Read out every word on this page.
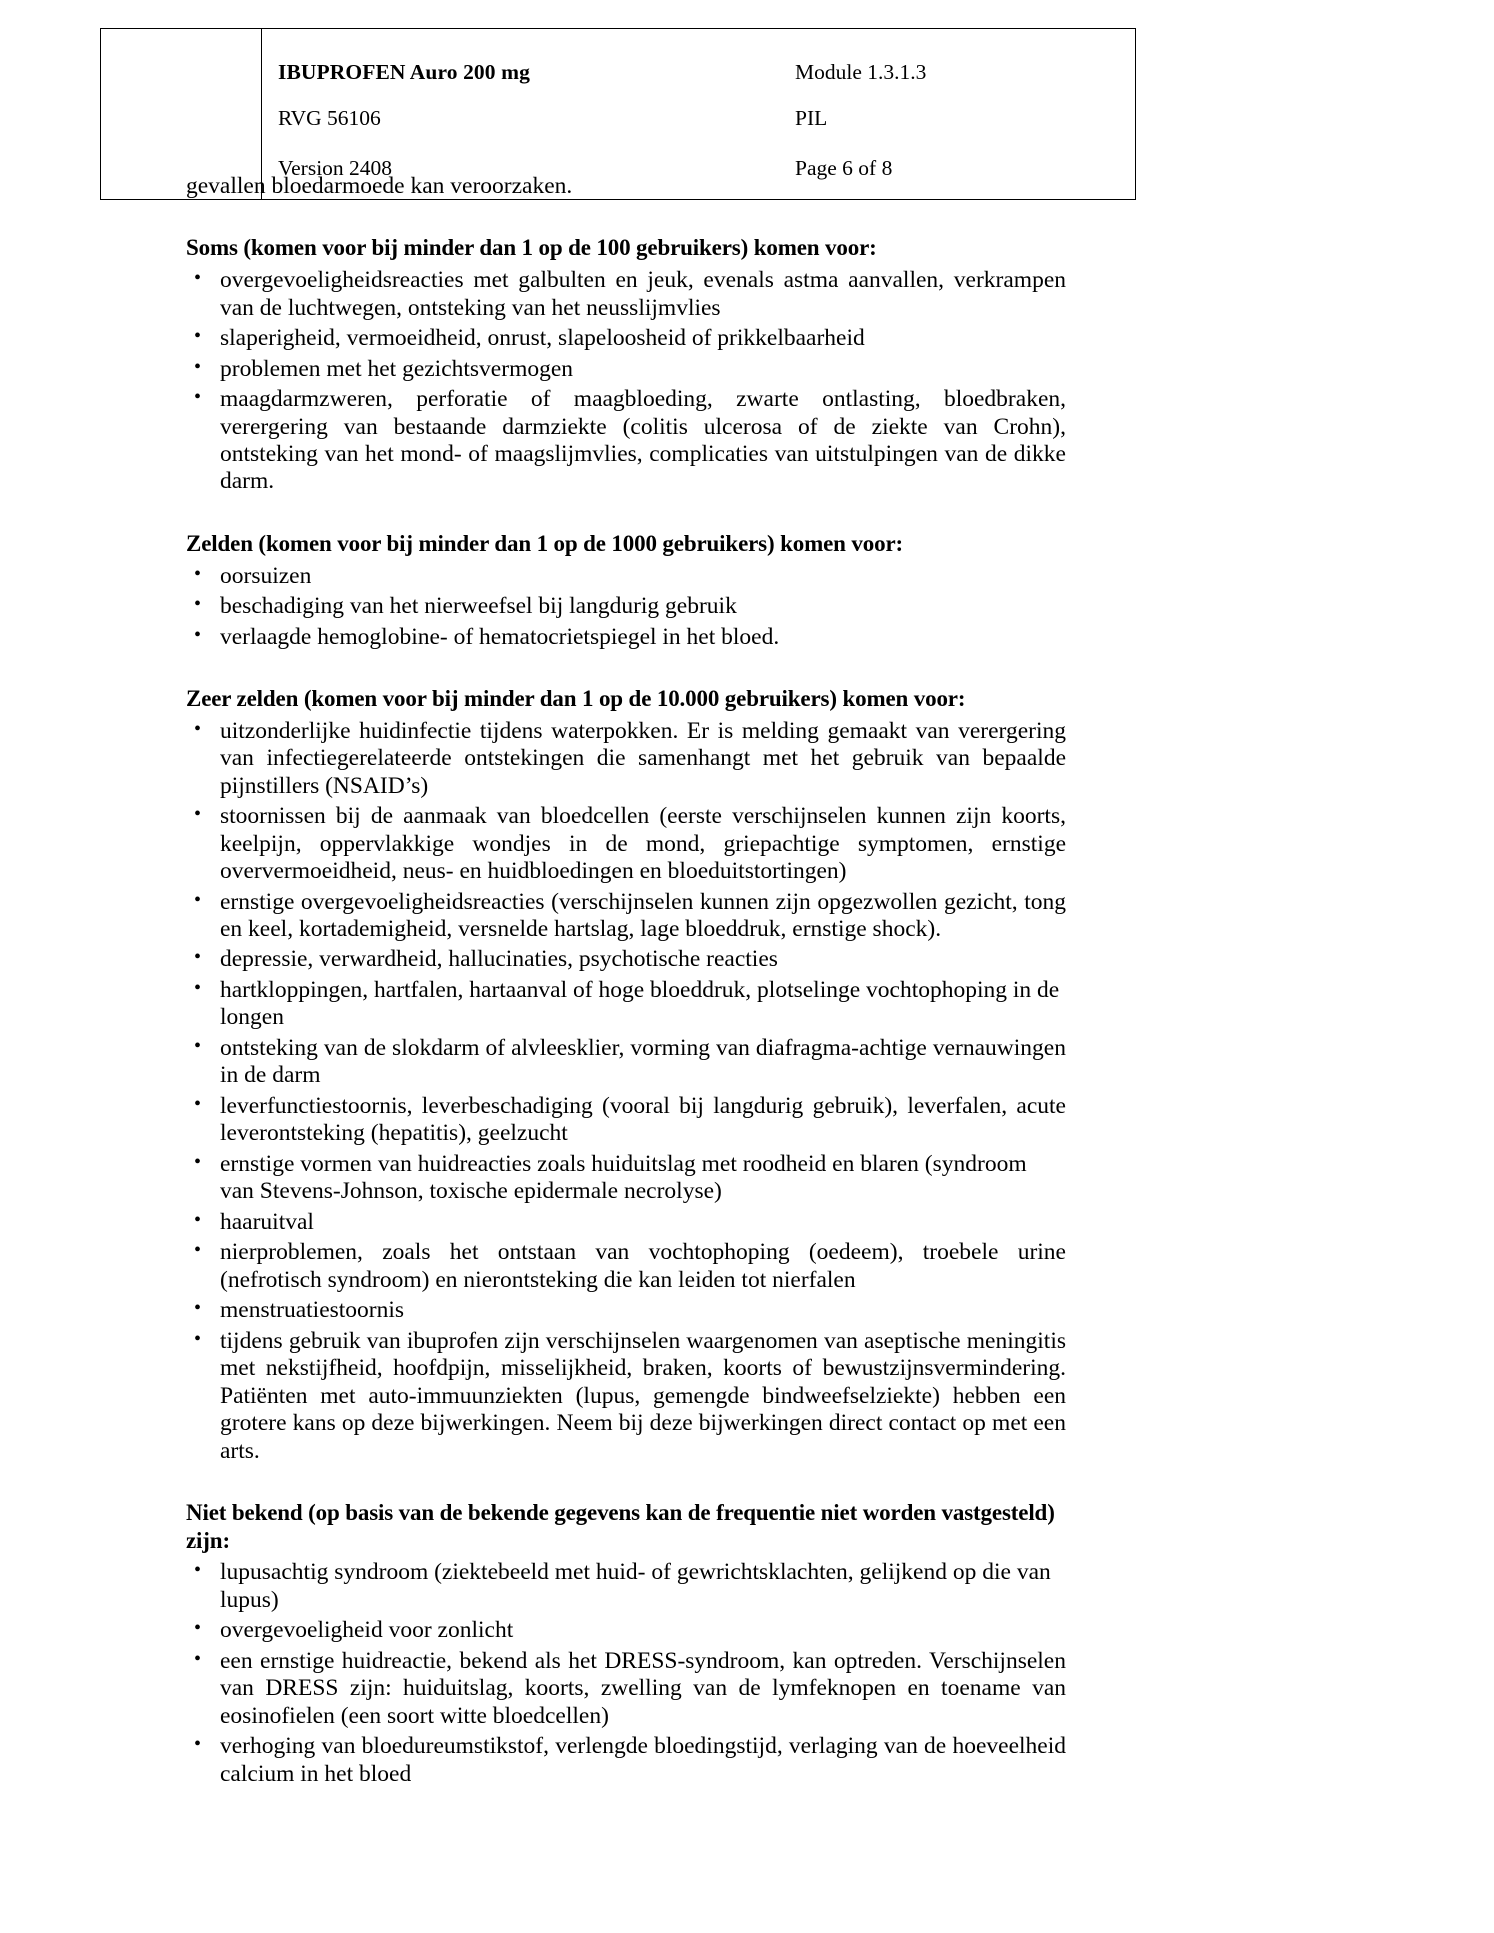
IBUPROFEN Auro 200 mg	Module 1.3.1.3
RVG 56106	PIL
Version 2408	Page 6 of 8

gevallen bloedarmoede kan veroorzaken.

Soms (komen voor bij minder dan 1 op de 100 gebruikers) komen voor:
• overgevoeligheidsreacties met galbulten en jeuk, evenals astma aanvallen, verkrampen van de luchtwegen, ontsteking van het neusslijmvlies
• slaperigheid, vermoeidheid, onrust, slapeloosheid of prikkelbaarheid
• problemen met het gezichtsvermogen
• maagdarmzweren, perforatie of maagbloeding, zwarte ontlasting, bloedbraken, verergering van bestaande darmziekte (colitis ulcerosa of de ziekte van Crohn), ontsteking van het mond- of maagslijmvlies, complicaties van uitstulpingen van de dikke darm.
Zelden (komen voor bij minder dan 1 op de 1000 gebruikers) komen voor:
• oorsuizen
• beschadiging van het nierweefsel bij langdurig gebruik
• verlaagde hemoglobine- of hematocrietspiegel in het bloed.
Zeer zelden (komen voor bij minder dan 1 op de 10.000 gebruikers) komen voor:
• uitzonderlijke huidinfectie tijdens waterpokken. Er is melding gemaakt van verergering van infectiegerelateerde ontstekingen die samenhangt met het gebruik van bepaalde pijnstillers (NSAID’s)
• stoornissen bij de aanmaak van bloedcellen (eerste verschijnselen kunnen zijn koorts, keelpijn, oppervlakkige wondjes in de mond, griepachtige symptomen, ernstige oververmoeidheid, neus- en huidbloedingen en bloeduitstortingen)
• ernstige overgevoeligheidsreacties (verschijnselen kunnen zijn opgezwollen gezicht, tong en keel, kortademigheid, versnelde hartslag, lage bloeddruk, ernstige shock).
• depressie, verwardheid, hallucinaties, psychotische reacties
• hartkloppingen, hartfalen, hartaanval of hoge bloeddruk, plotselinge vochtophoping in de longen
• ontsteking van de slokdarm of alvleesklier, vorming van diafragma-achtige vernauwingen in de darm
• leverfunctiestoornis, leverbeschadiging (vooral bij langdurig gebruik), leverfalen, acute leverontsteking (hepatitis), geelzucht
• ernstige vormen van huidreacties zoals huiduitslag met roodheid en blaren (syndroom van Stevens-Johnson, toxische epidermale necrolyse)
• haaruitval
• nierproblemen, zoals het ontstaan van vochtophoping (oedeem), troebele urine (nefrotisch syndroom) en nierontsteking die kan leiden tot nierfalen
• menstruatiestoornis
• tijdens gebruik van ibuprofen zijn verschijnselen waargenomen van aseptische meningitis met nekstijfheid, hoofdpijn, misselijkheid, braken, koorts of bewustzijnsvermindering. Patiënten met auto-immuunziekten (lupus, gemengde bindweefselziekte) hebben een grotere kans op deze bijwerkingen. Neem bij deze bijwerkingen direct contact op met een arts.
Niet bekend (op basis van de bekende gegevens kan de frequentie niet worden vastgesteld) zijn:
• lupusachtig syndroom (ziektebeeld met huid- of gewrichtsklachten, gelijkend op die van lupus)
• overgevoeligheid voor zonlicht
• een ernstige huidreactie, bekend als het DRESS-syndroom, kan optreden. Verschijnselen van DRESS zijn: huiduitslag, koorts, zwelling van de lymfeknopen en toename van eosinofielen (een soort witte bloedcellen)
• verhoging van bloedureumstikstof, verlengde bloedingstijd, verlaging van de hoeveelheid calcium in het bloed
